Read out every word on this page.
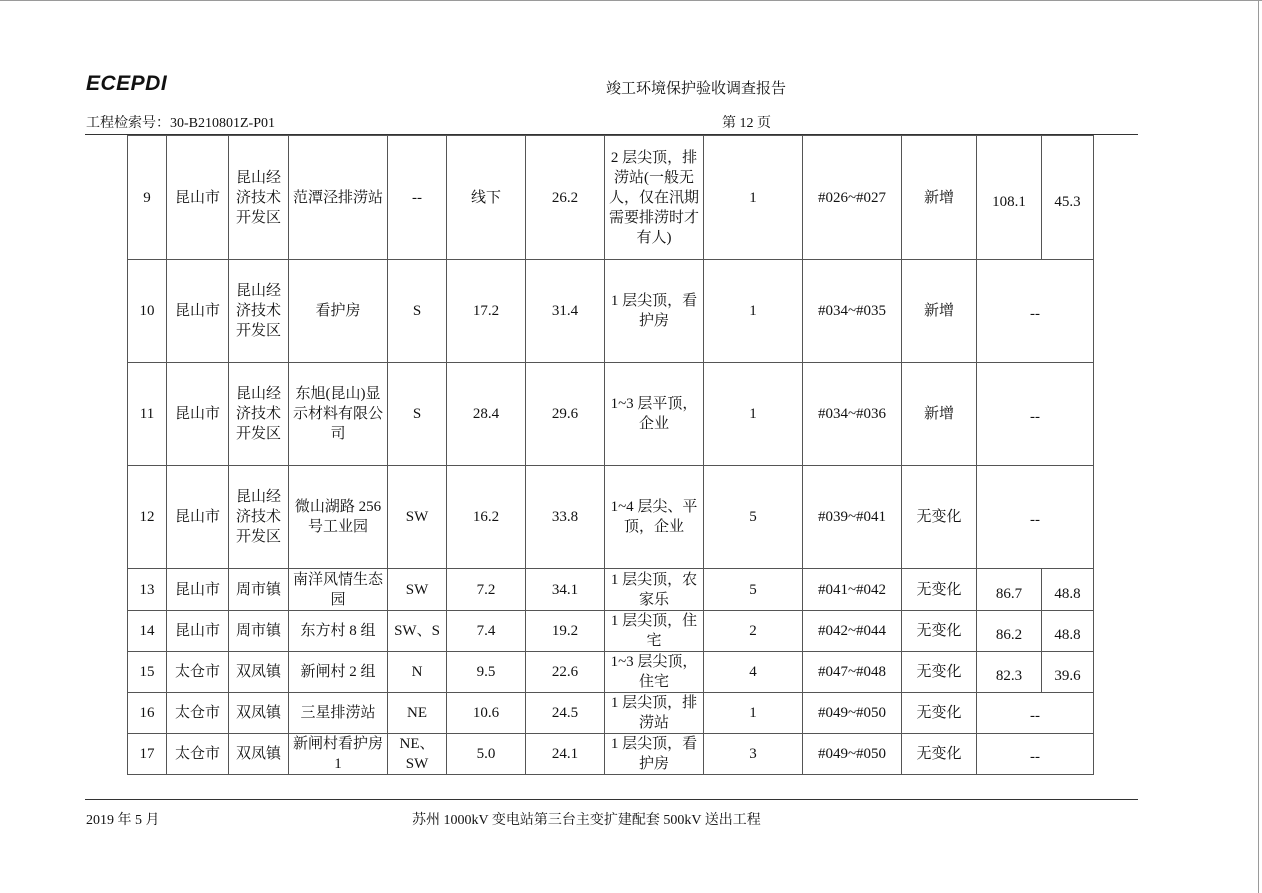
ECEPDI	竣工环境保护验收调查报告
工程检索号：30-B210801Z-P01	第 12 页
9	昆山市	昆山经济技术开发区	范潭泾排涝站	--	线下	26.2	2 层尖顶，排涝站(一般无人，仅在汛期需要排涝时才有人)	1	#026~#027	新增	108.1	45.3
10	昆山市	昆山经济技术开发区	看护房	S	17.2	31.4	1 层尖顶，看护房	1	#034~#035	新增	--	
11	昆山市	昆山经济技术开发区	东旭(昆山)显示材料有限公司	S	28.4	29.6	1~3 层平顶，企业	1	#034~#036	新增	--	
12	昆山市	昆山经济技术开发区	微山湖路 256 号工业园	SW	16.2	33.8	1~4 层尖、平顶，企业	5	#039~#041	无变化	--	
13	昆山市	周市镇	南洋风情生态园	SW	7.2	34.1	1 层尖顶，农家乐	5	#041~#042	无变化	86.7	48.8
14	昆山市	周市镇	东方村 8 组	SW、S	7.4	19.2	1 层尖顶，住宅	2	#042~#044	无变化	86.2	48.8
15	太仓市	双凤镇	新闸村 2 组	N	9.5	22.6	1~3 层尖顶，住宅	4	#047~#048	无变化	82.3	39.6
16	太仓市	双凤镇	三星排涝站	NE	10.6	24.5	1 层尖顶，排涝站	1	#049~#050	无变化	--	
17	太仓市	双凤镇	新闸村看护房 1	NE、SW	5.0	24.1	1 层尖顶，看护房	3	#049~#050	无变化	--	
2019 年 5 月	苏州 1000kV 变电站第三台主变扩建配套 500kV 送出工程
